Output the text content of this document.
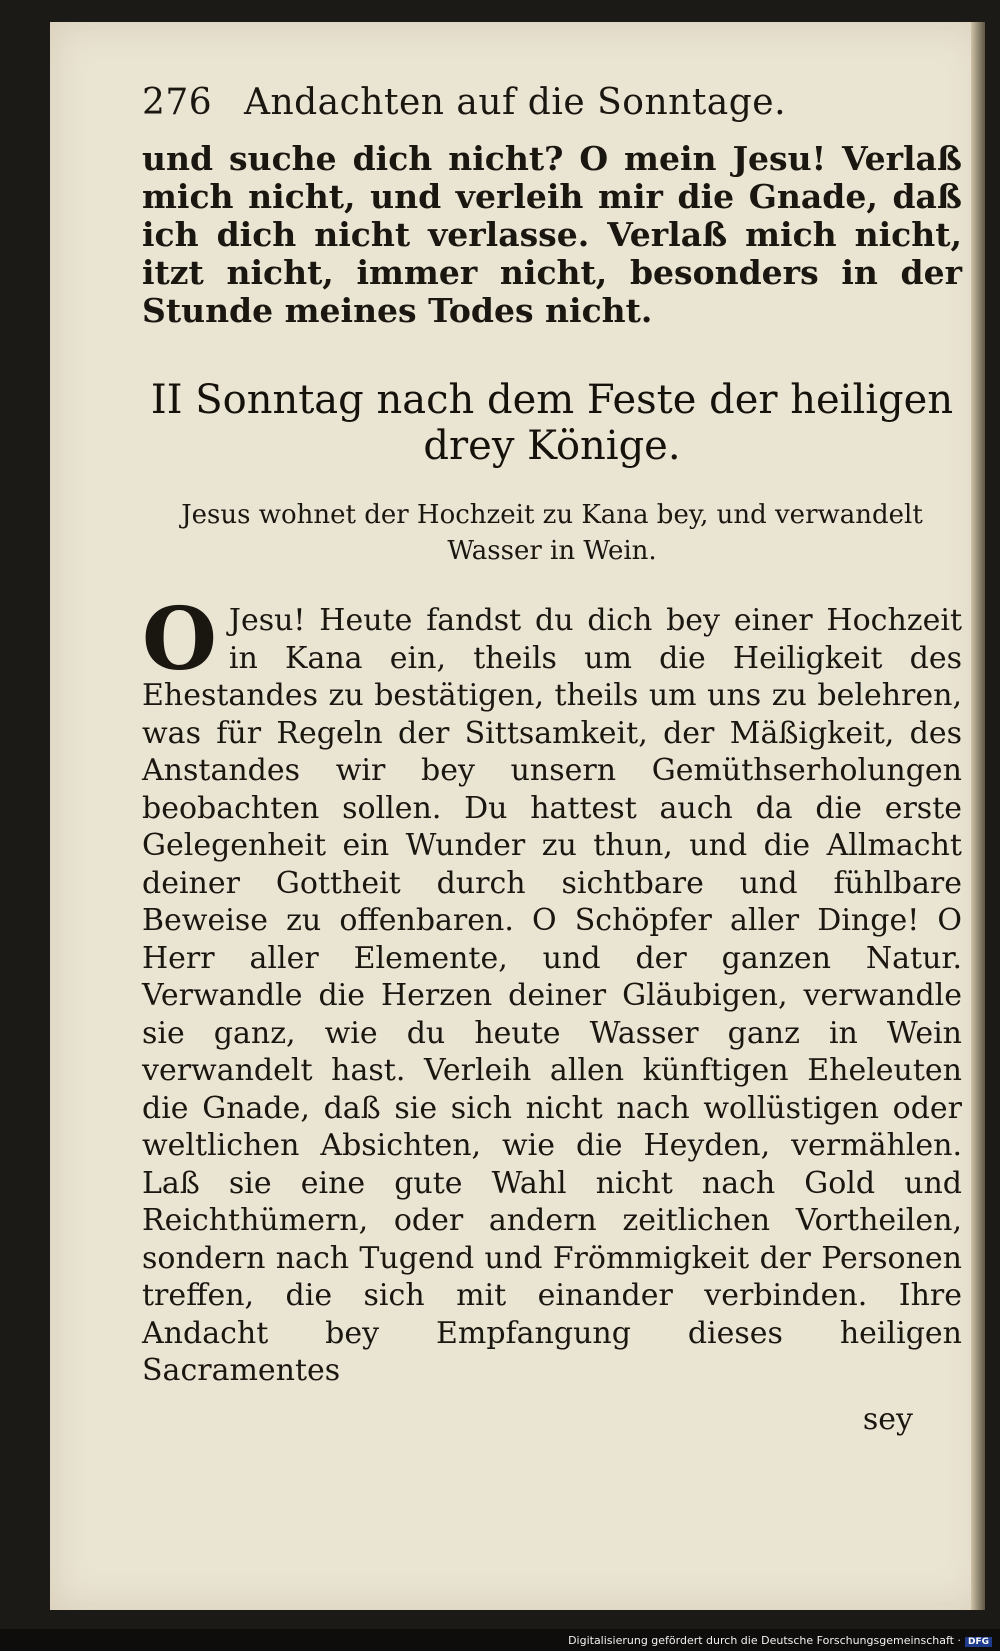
276 Andachten auf die Sonntage.
und suche dich nicht? O mein Jesu! Verlaß mich nicht, und verleih mir die Gnade, daß ich dich nicht verlasse. Verlaß mich nicht, itzt nicht, immer nicht, besonders in der Stunde meines Todes nicht.
II Sonntag nach dem Feste der heiligen drey Könige.
Jesus wohnet der Hochzeit zu Kana bey, und verwandelt Wasser in Wein.
O Jesu! Heute fandst du dich bey einer Hochzeit in Kana ein, theils um die Heiligkeit des Ehestandes zu bestätigen, theils um uns zu belehren, was für Regeln der Sittsamkeit, der Mäßigkeit, des Anstandes wir bey unsern Gemüthserholungen beobachten sollen. Du hattest auch da die erste Gelegenheit ein Wunder zu thun, und die Allmacht deiner Gottheit durch sichtbare und fühlbare Beweise zu offenbaren. O Schöpfer aller Dinge! O Herr aller Elemente, und der ganzen Natur. Verwandle die Herzen deiner Gläubigen, verwandle sie ganz, wie du heute Wasser ganz in Wein verwandelt hast. Verleih allen künftigen Eheleuten die Gnade, daß sie sich nicht nach wollüstigen oder weltlichen Absichten, wie die Heyden, vermählen. Laß sie eine gute Wahl nicht nach Gold und Reichthümern, oder andern zeitlichen Vortheilen, sondern nach Tugend und Frömmigkeit der Personen treffen, die sich mit einander verbinden. Ihre Andacht bey Empfangung dieses heiligen Sacramentes
sey
Digitalisierung gefördert durch die Deutsche Forschungsgemeinschaft · DFG
